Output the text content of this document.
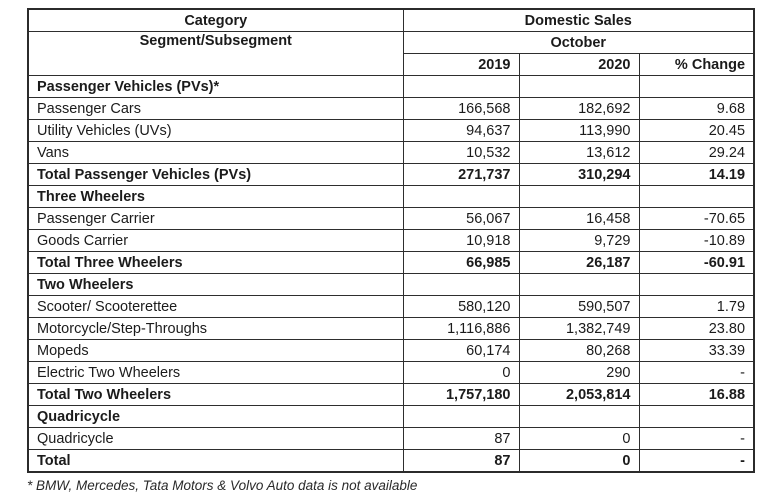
Category	Domestic Sales		
Segment/Subsegment	October		
	2019	2020	% Change
Passenger Vehicles (PVs)*			
Passenger Cars	166,568	182,692	9.68
Utility Vehicles (UVs)	94,637	113,990	20.45
Vans	10,532	13,612	29.24
Total Passenger Vehicles (PVs)	271,737	310,294	14.19
Three Wheelers			
Passenger Carrier	56,067	16,458	-70.65
Goods Carrier	10,918	9,729	-10.89
Total Three Wheelers	66,985	26,187	-60.91
Two Wheelers			
Scooter/ Scooterettee	580,120	590,507	1.79
Motorcycle/Step-Throughs	1,116,886	1,382,749	23.80
Mopeds	60,174	80,268	33.39
Electric Two Wheelers	0	290	-
Total Two Wheelers	1,757,180	2,053,814	16.88
Quadricycle			
Quadricycle	87	0	-
Total	87	0	-
* BMW, Mercedes, Tata Motors & Volvo Auto data is not available
